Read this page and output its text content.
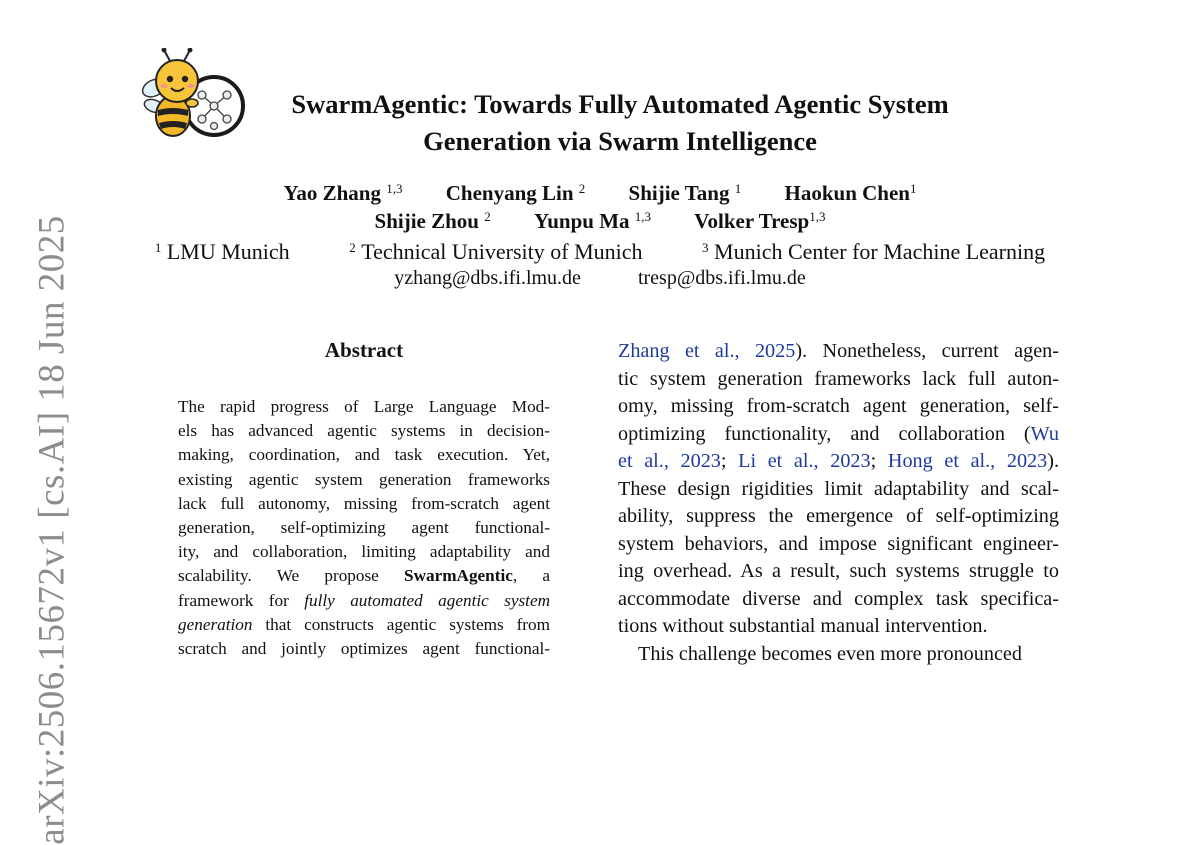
arXiv:2506.15672v1 [cs.AI] 18 Jun 2025
SwarmAgentic: Towards Fully Automated Agentic System
Generation via Swarm Intelligence
Yao Zhang $^{1,3}$ Chenyang Lin $^2$ Shijie Tang $^1$ Haokun Chen$^1$
Shijie Zhou $^2$ Yunpu Ma $^{1,3}$ Volker Tresp$^{1,3}$
$^1$ LMU Munich	$^2$ Technical University of Munich	$^3$ Munich Center for Machine Learning
yzhang@dbs.ifi.lmu.de	tresp@dbs.ifi.lmu.de
Abstract
The rapid progress of Large Language Mod-
els has advanced agentic systems in decision-
making, coordination, and task execution. Yet,
existing agentic system generation frameworks
lack full autonomy, missing from-scratch agent
generation, self-optimizing agent functional-
ity, and collaboration, limiting adaptability and
scalability. We propose SwarmAgentic, a
framework for fully automated agentic system
generation that constructs agentic systems from
scratch and jointly optimizes agent functional-
Zhang et al., 2025). Nonetheless, current agen-
tic system generation frameworks lack full auton-
omy, missing from-scratch agent generation, self-
optimizing functionality, and collaboration (Wu
et al., 2023; Li et al., 2023; Hong et al., 2023).
These design rigidities limit adaptability and scal-
ability, suppress the emergence of self-optimizing
system behaviors, and impose significant engineer-
ing overhead. As a result, such systems struggle to
accommodate diverse and complex task specifica-
tions without substantial manual intervention.
This challenge becomes even more pronounced
